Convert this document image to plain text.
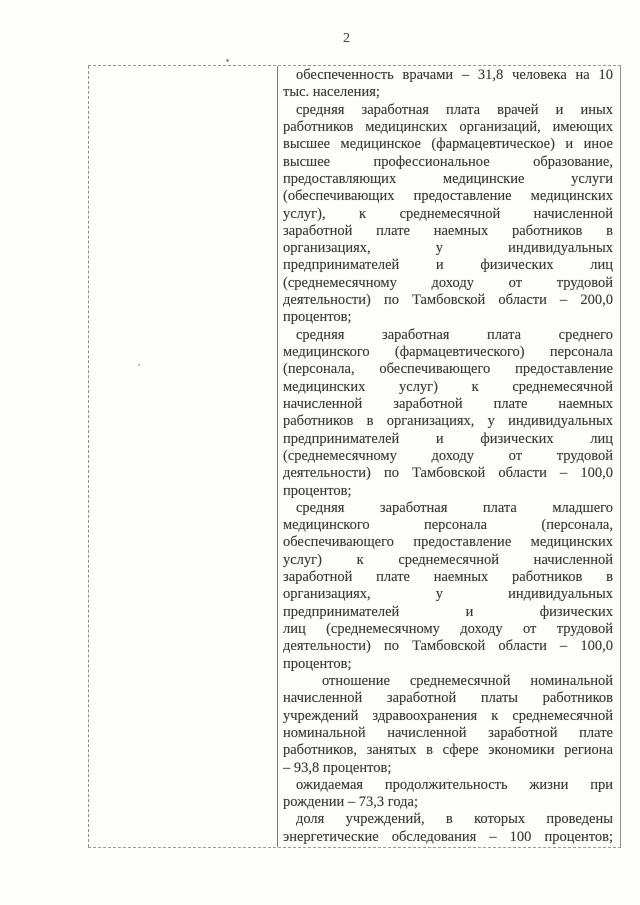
2
обеспеченность врачами – 31,8 человека на 10
тыс. населения;
средняя заработная плата врачей и иных
работников медицинских организаций, имеющих
высшее медицинское (фармацевтическое) и иное
высшее профессиональное образование,
предоставляющих медицинские услуги
(обеспечивающих предоставление медицинских
услуг), к среднемесячной начисленной
заработной плате наемных работников в
организациях, у индивидуальных
предпринимателей и физических лиц
(среднемесячному доходу от трудовой
деятельности) по Тамбовской области – 200,0
процентов;
средняя заработная плата среднего
медицинского (фармацевтического) персонала
(персонала, обеспечивающего предоставление
медицинских услуг) к среднемесячной
начисленной заработной плате наемных
работников в организациях, у индивидуальных
предпринимателей и физических лиц
(среднемесячному доходу от трудовой
деятельности) по Тамбовской области – 100,0
процентов;
средняя заработная плата младшего
медицинского персонала (персонала,
обеспечивающего предоставление медицинских
услуг) к среднемесячной начисленной
заработной плате наемных работников в
организациях, у индивидуальных
предпринимателей и физических
лиц (среднемесячному доходу от трудовой
деятельности) по Тамбовской области – 100,0
процентов;
отношение среднемесячной номинальной
начисленной заработной платы работников
учреждений здравоохранения к среднемесячной
номинальной начисленной заработной плате
работников, занятых в сфере экономики региона
– 93,8 процентов;
ожидаемая продолжительность жизни при
рождении – 73,3 года;
доля учреждений, в которых проведены
энергетические обследования – 100 процентов;
